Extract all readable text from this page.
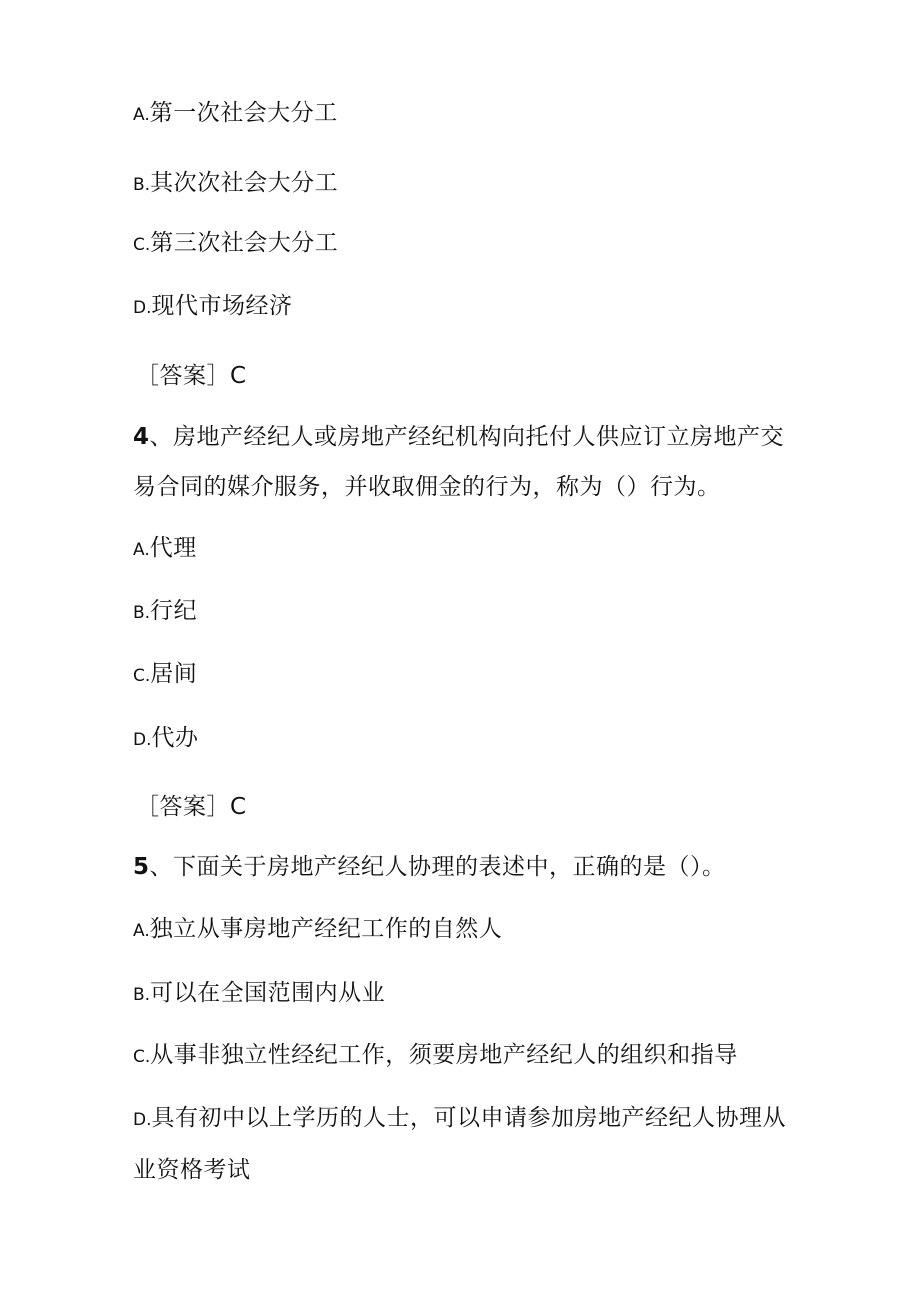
A.第一次社会大分工
B.其次次社会大分工
C.第三次社会大分工
D.现代市场经济
［答案］C
4、房地产经纪人或房地产经纪机构向托付人供应订立房地产交
易合同的媒介服务，并收取佣金的行为，称为（）行为。
A.代理
B.行纪
C.居间
D.代办
［答案］C
5、下面关于房地产经纪人协理的表述中，正确的是（）。
A.独立从事房地产经纪工作的自然人
B.可以在全国范围内从业
C.从事非独立性经纪工作，须要房地产经纪人的组织和指导
D.具有初中以上学历的人士，可以申请参加房地产经纪人协理从
业资格考试
